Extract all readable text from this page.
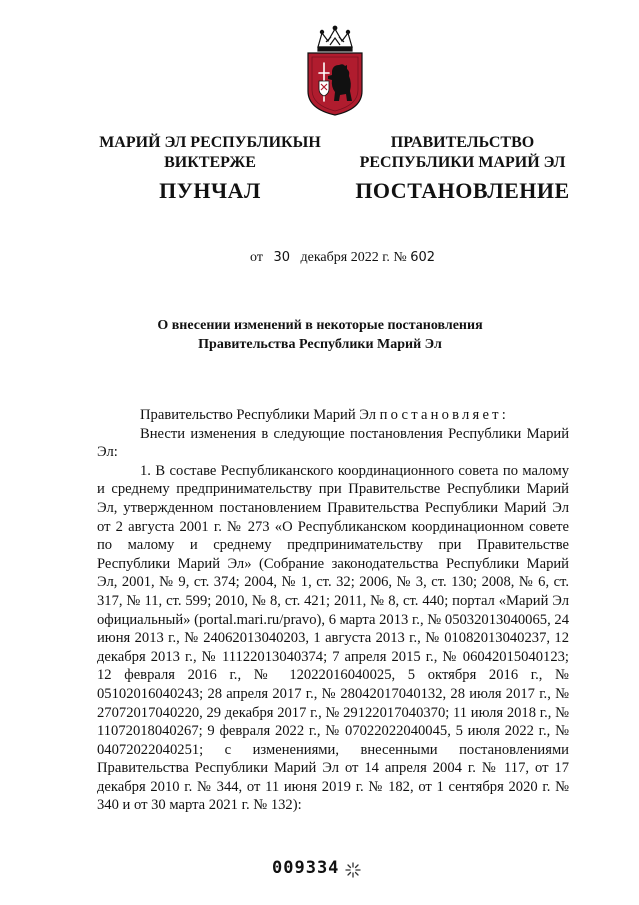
МАРИЙ ЭЛ РЕСПУБЛИКЫН
ВИКТЕРЖЕ
ПУНЧАЛ
ПРАВИТЕЛЬСТВО
РЕСПУБЛИКИ МАРИЙ ЭЛ
ПОСТАНОВЛЕНИЕ
от 30 декабря 2022 г. № 602
О внесении изменений в некоторые постановления
Правительства Республики Марий Эл

Правительство Республики Марий Эл постановляет:

Внести изменения в следующие постановления Республики Марий Эл:

1. В составе Республиканского координационного совета по малому и среднему предпринимательству при Правительстве Республики Марий Эл, утвержденном постановлением Правительства Республики Марий Эл от 2 августа 2001 г. № 273 «О Республиканском координационном совете по малому и среднему предпринимательству при Правительстве Республики Марий Эл» (Собрание законодательства Республики Марий Эл, 2001, № 9, ст. 374; 2004, № 1, ст. 32; 2006, № 3, ст. 130; 2008, № 6, ст. 317, № 11, ст. 599; 2010, № 8, ст. 421; 2011, № 8, ст. 440; портал «Марий Эл официальный» (portal.mari.ru/pravo), 6 марта 2013 г., № 05032013040065, 24 июня 2013 г., № 24062013040203, 1 августа 2013 г., № 01082013040237, 12 декабря 2013 г., № 11122013040374; 7 апреля 2015 г., № 06042015040123; 12 февраля 2016 г., № 12022016040025, 5 октября 2016 г., № 05102016040243; 28 апреля 2017 г., № 28042017040132, 28 июля 2017 г., № 27072017040220, 29 декабря 2017 г., № 29122017040370; 11 июля 2018 г., № 11072018040267; 9 февраля 2022 г., № 07022022040045, 5 июля 2022 г., № 04072022040251; с изменениями, внесенными постановлениями Правительства Республики Марий Эл от 14 апреля 2004 г. № 117, от 17 декабря 2010 г. № 344, от 11 июня 2019 г. № 182, от 1 сентября 2020 г. № 340 и от 30 марта 2021 г. № 132):

009334
